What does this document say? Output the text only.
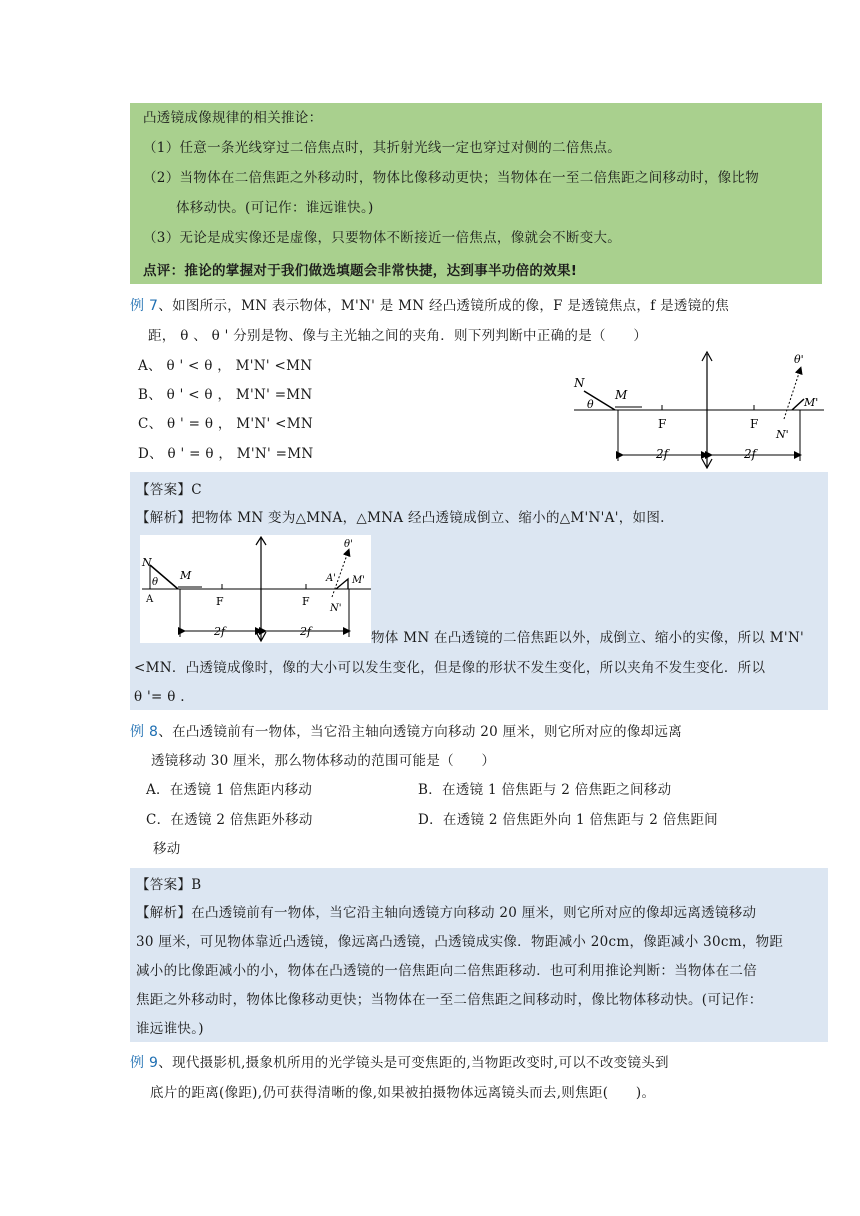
凸透镜成像规律的相关推论：
（1）任意一条光线穿过二倍焦点时，其折射光线一定也穿过对侧的二倍焦点。
（2）当物体在二倍焦距之外移动时，物体比像移动更快；当物体在一至二倍焦距之间移动时，像比物
体移动快。(可记作：谁远谁快。)
（3）无论是成实像还是虚像，只要物体不断接近一倍焦点，像就会不断变大。
点评：推论的掌握对于我们做选填题会非常快捷，达到事半功倍的效果!
例 7、如图所示，MN 表示物体，M'N' 是 MN 经凸透镜所成的像，F 是透镜焦点，f 是透镜的焦
距， θ 、 θ ' 分别是物、像与主光轴之间的夹角．则下列判断中正确的是（　　）
A、 θ ' < θ ， M'N' <MN
B、 θ ' < θ ， M'N' =MN
C、 θ ' = θ ， M'N' <MN
D、 θ ' = θ ， M'N' =MN
N
M
θ
F	F
2f	2f
θ'
M'
N'
【答案】C
【解析】把物体 MN 变为△MNA，△MNA 经凸透镜成倒立、缩小的△M'N'A'，如图.
N
M
θ
A	F	F
2f	2f
θ'
M'
A'
N'
物体 MN 在凸透镜的二倍焦距以外，成倒立、缩小的实像，所以 M'N'
<MN．凸透镜成像时，像的大小可以发生变化，但是像的形状不发生变化，所以夹角不发生变化．所以
θ '= θ .
例 8、在凸透镜前有一物体，当它沿主轴向透镜方向移动 20 厘米，则它所对应的像却远离
透镜移动 30 厘米，那么物体移动的范围可能是（　　）
A．在透镜 1 倍焦距内移动	B．在透镜 1 倍焦距与 2 倍焦距之间移动
C．在透镜 2 倍焦距外移动	D．在透镜 2 倍焦距外向 1 倍焦距与 2 倍焦距间
移动
【答案】B
【解析】在凸透镜前有一物体，当它沿主轴向透镜方向移动 20 厘米，则它所对应的像却远离透镜移动
30 厘米，可见物体靠近凸透镜，像远离凸透镜，凸透镜成实像．物距减小 20cm，像距减小 30cm，物距
减小的比像距减小的小，物体在凸透镜的一倍焦距向二倍焦距移动．也可利用推论判断：当物体在二倍
焦距之外移动时，物体比像移动更快；当物体在一至二倍焦距之间移动时，像比物体移动快。(可记作：
谁远谁快。)
例 9、现代摄影机,摄象机所用的光学镜头是可变焦距的,当物距改变时,可以不改变镜头到
底片的距离(像距),仍可获得清晰的像,如果被拍摄物体远离镜头而去,则焦距(　　)。
